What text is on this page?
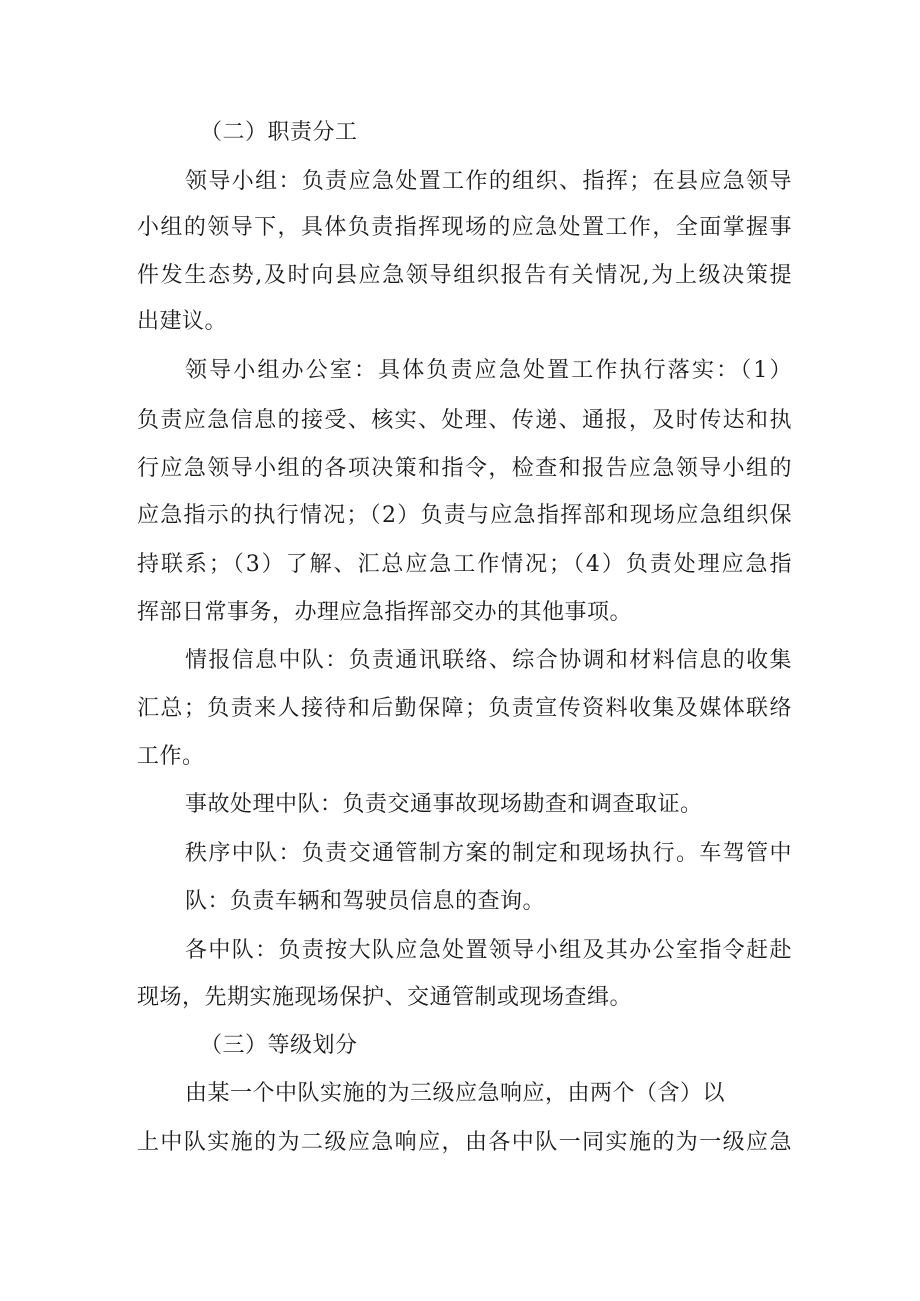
（二）职责分工
领导小组：负责应急处置工作的组织、指挥；在县应急领导
小组的领导下，具体负责指挥现场的应急处置工作，全面掌握事
件发生态势,及时向县应急领导组织报告有关情况,为上级决策提
出建议。
领导小组办公室：具体负责应急处置工作执行落实：（1）
负责应急信息的接受、核实、处理、传递、通报，及时传达和执
行应急领导小组的各项决策和指令，检查和报告应急领导小组的
应急指示的执行情况；（2）负责与应急指挥部和现场应急组织保
持联系；（3）了解、汇总应急工作情况；（4）负责处理应急指
挥部日常事务，办理应急指挥部交办的其他事项。
情报信息中队：负责通讯联络、综合协调和材料信息的收集
汇总；负责来人接待和后勤保障；负责宣传资料收集及媒体联络
工作。
事故处理中队：负责交通事故现场勘查和调查取证。
秩序中队：负责交通管制方案的制定和现场执行。车驾管中
队：负责车辆和驾驶员信息的查询。
各中队：负责按大队应急处置领导小组及其办公室指令赶赴
现场，先期实施现场保护、交通管制或现场查缉。
（三）等级划分
由某一个中队实施的为三级应急响应，由两个（含）以
上中队实施的为二级应急响应，由各中队一同实施的为一级应急
